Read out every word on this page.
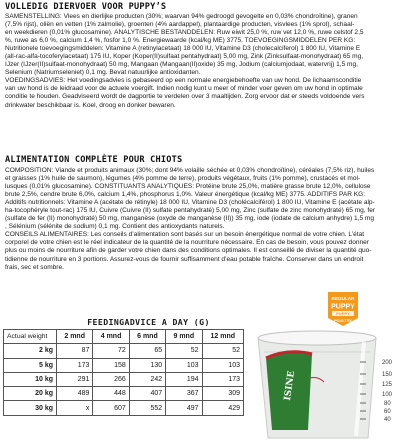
VOLLEDIG DIERVOER VOOR PUPPY’S

SAMENSTELLING: Vlees en dierlijke producten (30%; waarvan 94% gedroogd gevogelte en 0,03% chondroïtine), granen

(7,5% rijst), oliën en vetten (1% zalmolie), groenten (4% aardappel), plantaardige producten, visvlees (1% sprot), schaal-

en weekdieren (0,01% glucosamine). ANALYTISCHE BESTANDDELEN: Ruw eiwit 25,0 %, ruw vet 12,0 %, ruwe celstof 2,5

%, ruwe as 6,0 %, calcium 1,4 %, fosfor 1,0 %. Energiewaarde (kcal/kg ME) 3775. TOEVOEGINGSMIDDELEN PER KG:

Nutritionele toevoegingsmiddelen: Vitamine A (retinylacetaat) 18 000 IU, Vitamine D3 (cholecalciferol) 1 800 IU, Vitamine E

(all-rac-alfa-tocoferylacetaat) 175 IU, Koper (Koper(II)sulfaat pentahydraat) 5,00 mg, Zink (Zinksulfaat-monohydraat) 65 mg,

IJzer (IJzer(II)sulfaat-monohydraat) 50 mg, Mangaan (Mangaan(II)oxide) 35 mg, Jodium (calciumjodaat, watervrij) 1,5 mg,

Selenium (Natriumseleniet) 0,1 mg. Bevat natuurlijke antioxidanten.

VOEDINGSADVIES: Het voedingsadvies is gebaseerd op een normale energiebehoefte van uw hond. De lichaamsconditie

van uw hond is de leidraad voor de actuele voergift. Indien nodig kunt u meer of minder voer geven om uw hond in optimale

conditie te houden. Geadviseerd wordt de dagportie te verdelen over 3 maaltijden. Zorg ervoor dat er steeds voldoende vers

drinkwater beschikbaar is. Koel, droog en donker bewaren.

ALIMENTATION COMPLÈTE POUR CHIOTS

COMPOSITION: Viande et produits animaux (30%; dont 94% volaille séchée et 0,03% chondroïtine), céréales (7,5% riz), huiles

et graisses (1% huile de saumon), légumes (4% pomme de terre), produits végétaux, fruits (1% pomme), crustacés et mol-

lusques (0,01% glucosamine). CONSTITUANTS ANALYTIQUES: Protéine brute 25,0%, matière grasse brute 12,0%, cellulose

brute 2,5%, cendre brute 6,0%, calcium 1,4%, phosphorus 1,0%. Valeur énergétique (kcal/kg ME) 3775. ADDITIFS PAR KG:

Additifs nutritionnels: Vitamine A (acétate de rétinyle) 18 000 IU, Vitamine D3 (cholécalciférol) 1 800 IU, Vitamine E (acétate alp-

ha-tocophéryle tout-rac) 175 IU, Cuivre (Cuivre (II) sulfate pentahydraté) 5,00 mg, Zinc (sulfate de zinc monohydraté) 65 mg, fer

(sulfate de fer (II) monohydraté) 50 mg, manganèse (oxyde de manganèse (II)) 35 mg, iode (iodate de calcium anhydre) 1,5 mg

, Sélénium (sélénite de sodium) 0,1 mg. Contient des antioxydants naturels.

CONSEILS ALIMENTAIRES: Les conseils d’alimentation sont basés sur un besoin énergétique normal de votre chien. L’état

corporel de votre chien est le réel indicateur de la quantité de la nourriture nécessaire. En cas de besoin, vous pouvez donner

plus ou moins de nourriture afin de garder votre chien dans des conditions optimales. Il est conseillé de diviser la quantité quo-

tidienne de nourriture en 3 portions. Assurez-vous de fournir suffisamment d’eau potable fraîche. Conserver dans un endroit

frais, sec et sombre.

FEEDINGADVICE A DAY (G)
Actual weight	2 mnd	4 mnd	6 mnd	9 mnd	12 mnd
2 kg	87	72	65	52	52
5 kg	173	158	130	103	103
10 kg	291	266	242	194	173
20 kg	489	448	407	367	309
30 kg	x	607	552	497	429
REGULAR
PUPPY
PUPPY
POULTRY
ISINE
200
150
125
100
80
60
40
